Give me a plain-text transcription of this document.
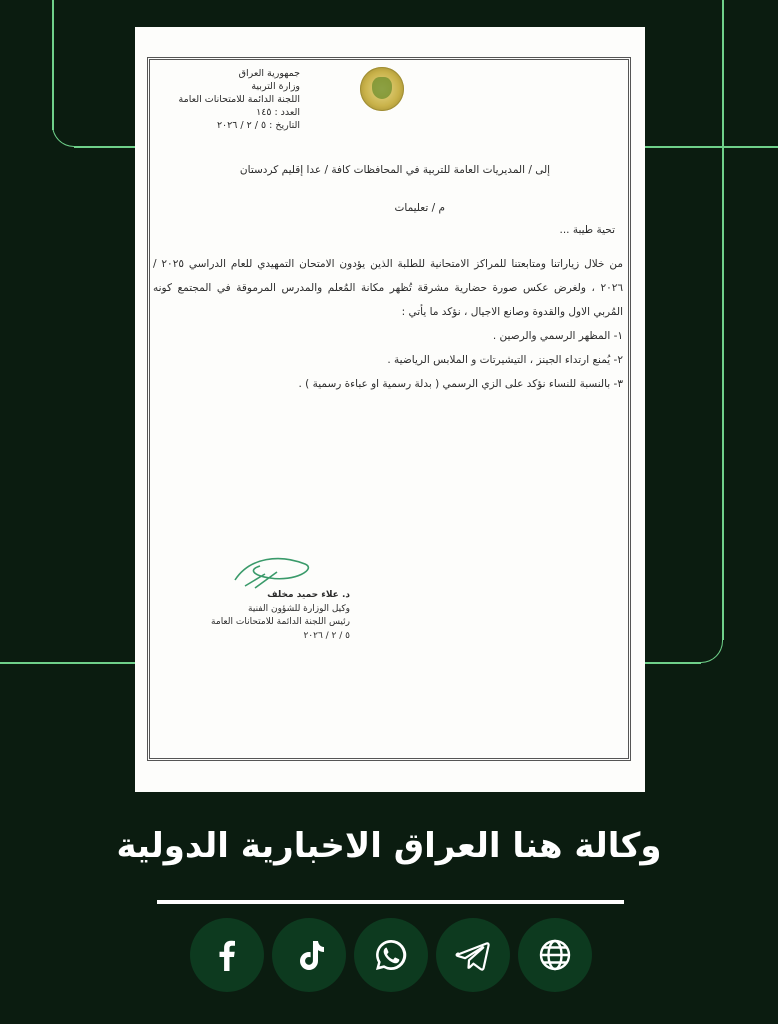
جمهورية العراق
وزارة التربية
اللجنة الدائمة للامتحانات العامة
العدد : ١٤٥
التاريخ : ٥ / ٢ / ٢٠٢٦
إلى / المديريات العامة للتربية في المحافظات كافة / عدا إقليم كردستان
م / تعليمات
تحية طيبة ...

من خلال زياراتنا ومتابعتنا للمراكز الامتحانية للطلبة الذين يؤدون الامتحان التمهيدي للعام الدراسي ٢٠٢٥ / ٢٠٢٦ ، ولغرض عكس صورة حضارية مشرقة تُظهر مكانة المُعلم والمدرس المرموقة في المجتمع كونه المُربي الاول والقدوة وصانع الاجيال ، نؤكد ما يأتي :

١- المظهر الرسمي والرصين .

٢- يُمنع ارتداء الجينز ، التيشيرتات و الملابس الرياضية .

٣- بالنسبة للنساء نؤكد على الزي الرسمي ( بدلة رسمية او عباءة رسمية ) .

د. علاء حميد مخلف
وكيل الوزارة للشؤون الفنية
رئيس اللجنة الدائمة للامتحانات العامة
٥ / ٢ / ٢٠٢٦
وكالة هنا العراق الاخبارية الدولية
